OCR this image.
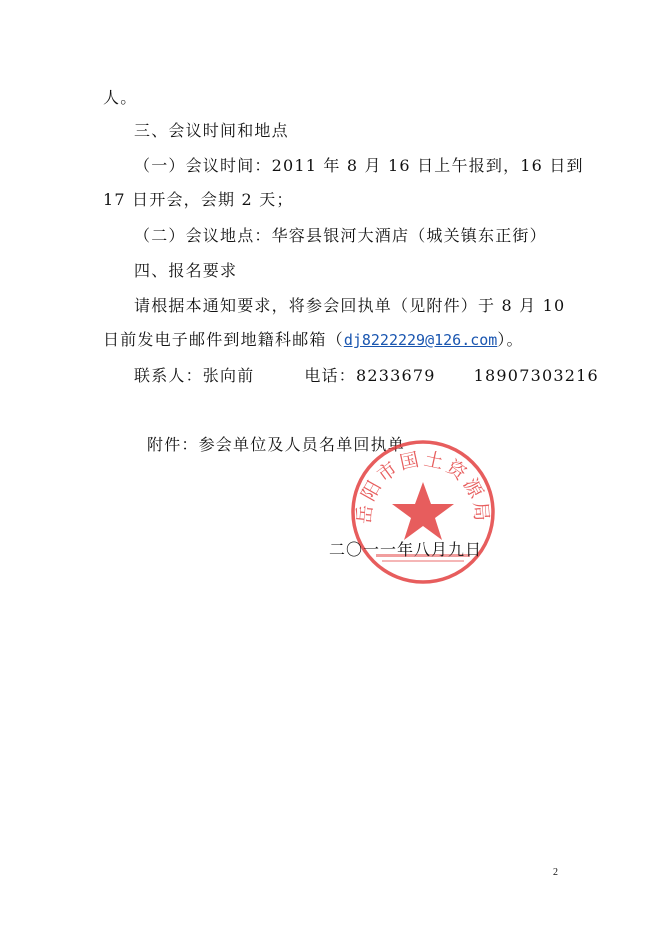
人。
三、会议时间和地点
（一）会议时间：2011 年 8 月 16 日上午报到，16 日到
17 日开会，会期 2 天；
（二）会议地点：华容县银河大酒店（城关镇东正街）
四、报名要求
请根据本通知要求，将参会回执单（见附件）于 8 月 10
日前发电子邮件到地籍科邮箱（dj8222229@126.com）。
联系人：张向前	电话：8233679 18907303216
附件：参会单位及人员名单回执单
岳阳市国土资源局
二〇一一年八月九日
2
